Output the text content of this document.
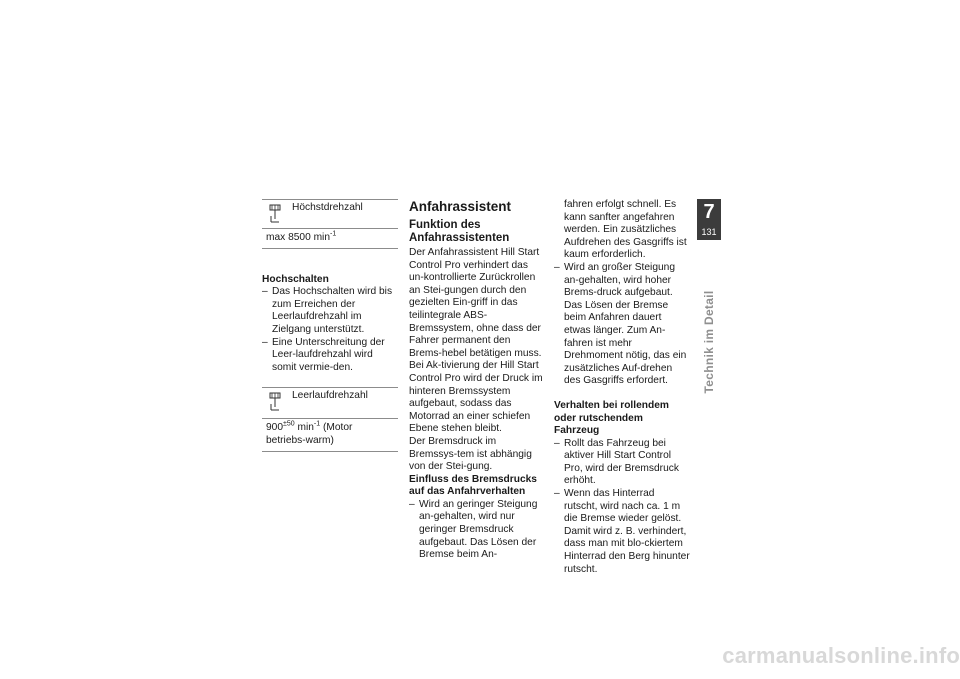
Höchstdrehzahl
max 8500 $\min^{-1}$
Hochschalten
– Das Hochschalten wird bis zum Erreichen der Leerlaufdrehzahl im Zielgang unterstützt.
– Eine Unterschreitung der Leer-laufdrehzahl wird somit vermie-den.
Leerlaufdrehzahl
$900^{\pm 50}$ $\min^{-1}$ (Motor betriebs-warm)
Anfahrassistent
Funktion des Anfahrassistenten

Der Anfahrassistent Hill Start Control Pro verhindert das un-kontrollierte Zurückrollen an Stei-gungen durch den gezielten Ein-griff in das teilintegrale ABS-Bremssystem, ohne dass der Fahrer permanent den Brems-hebel betätigen muss. Bei Ak-tivierung der Hill Start Control Pro wird der Druck im hinteren Bremssystem aufgebaut, sodass das Motorrad an einer schiefen Ebene stehen bleibt.

Der Bremsdruck im Bremssys-tem ist abhängig von der Stei-gung.

Einfluss des Bremsdrucks auf das Anfahrverhalten
– Wird an geringer Steigung an-gehalten, wird nur geringer Bremsdruck aufgebaut. Das Lösen der Bremse beim An-

fahren erfolgt schnell. Es kann sanfter angefahren werden. Ein zusätzliches Aufdrehen des Gasgriffs ist kaum erforderlich.

– Wird an großer Steigung an-gehalten, wird hoher Brems-druck aufgebaut. Das Lösen der Bremse beim Anfahren dauert etwas länger. Zum An-fahren ist mehr Drehmoment nötig, das ein zusätzliches Auf-drehen des Gasgriffs erfordert.
Verhalten bei rollendem oder rutschendem Fahrzeug
– Rollt das Fahrzeug bei aktiver Hill Start Control Pro, wird der Bremsdruck erhöht.
– Wenn das Hinterrad rutscht, wird nach ca. 1 m die Bremse wieder gelöst. Damit wird z. B. verhindert, dass man mit blo-ckiertem Hinterrad den Berg hinunter rutscht.
7
131
Technik im Detail
carmanualsonline.info
